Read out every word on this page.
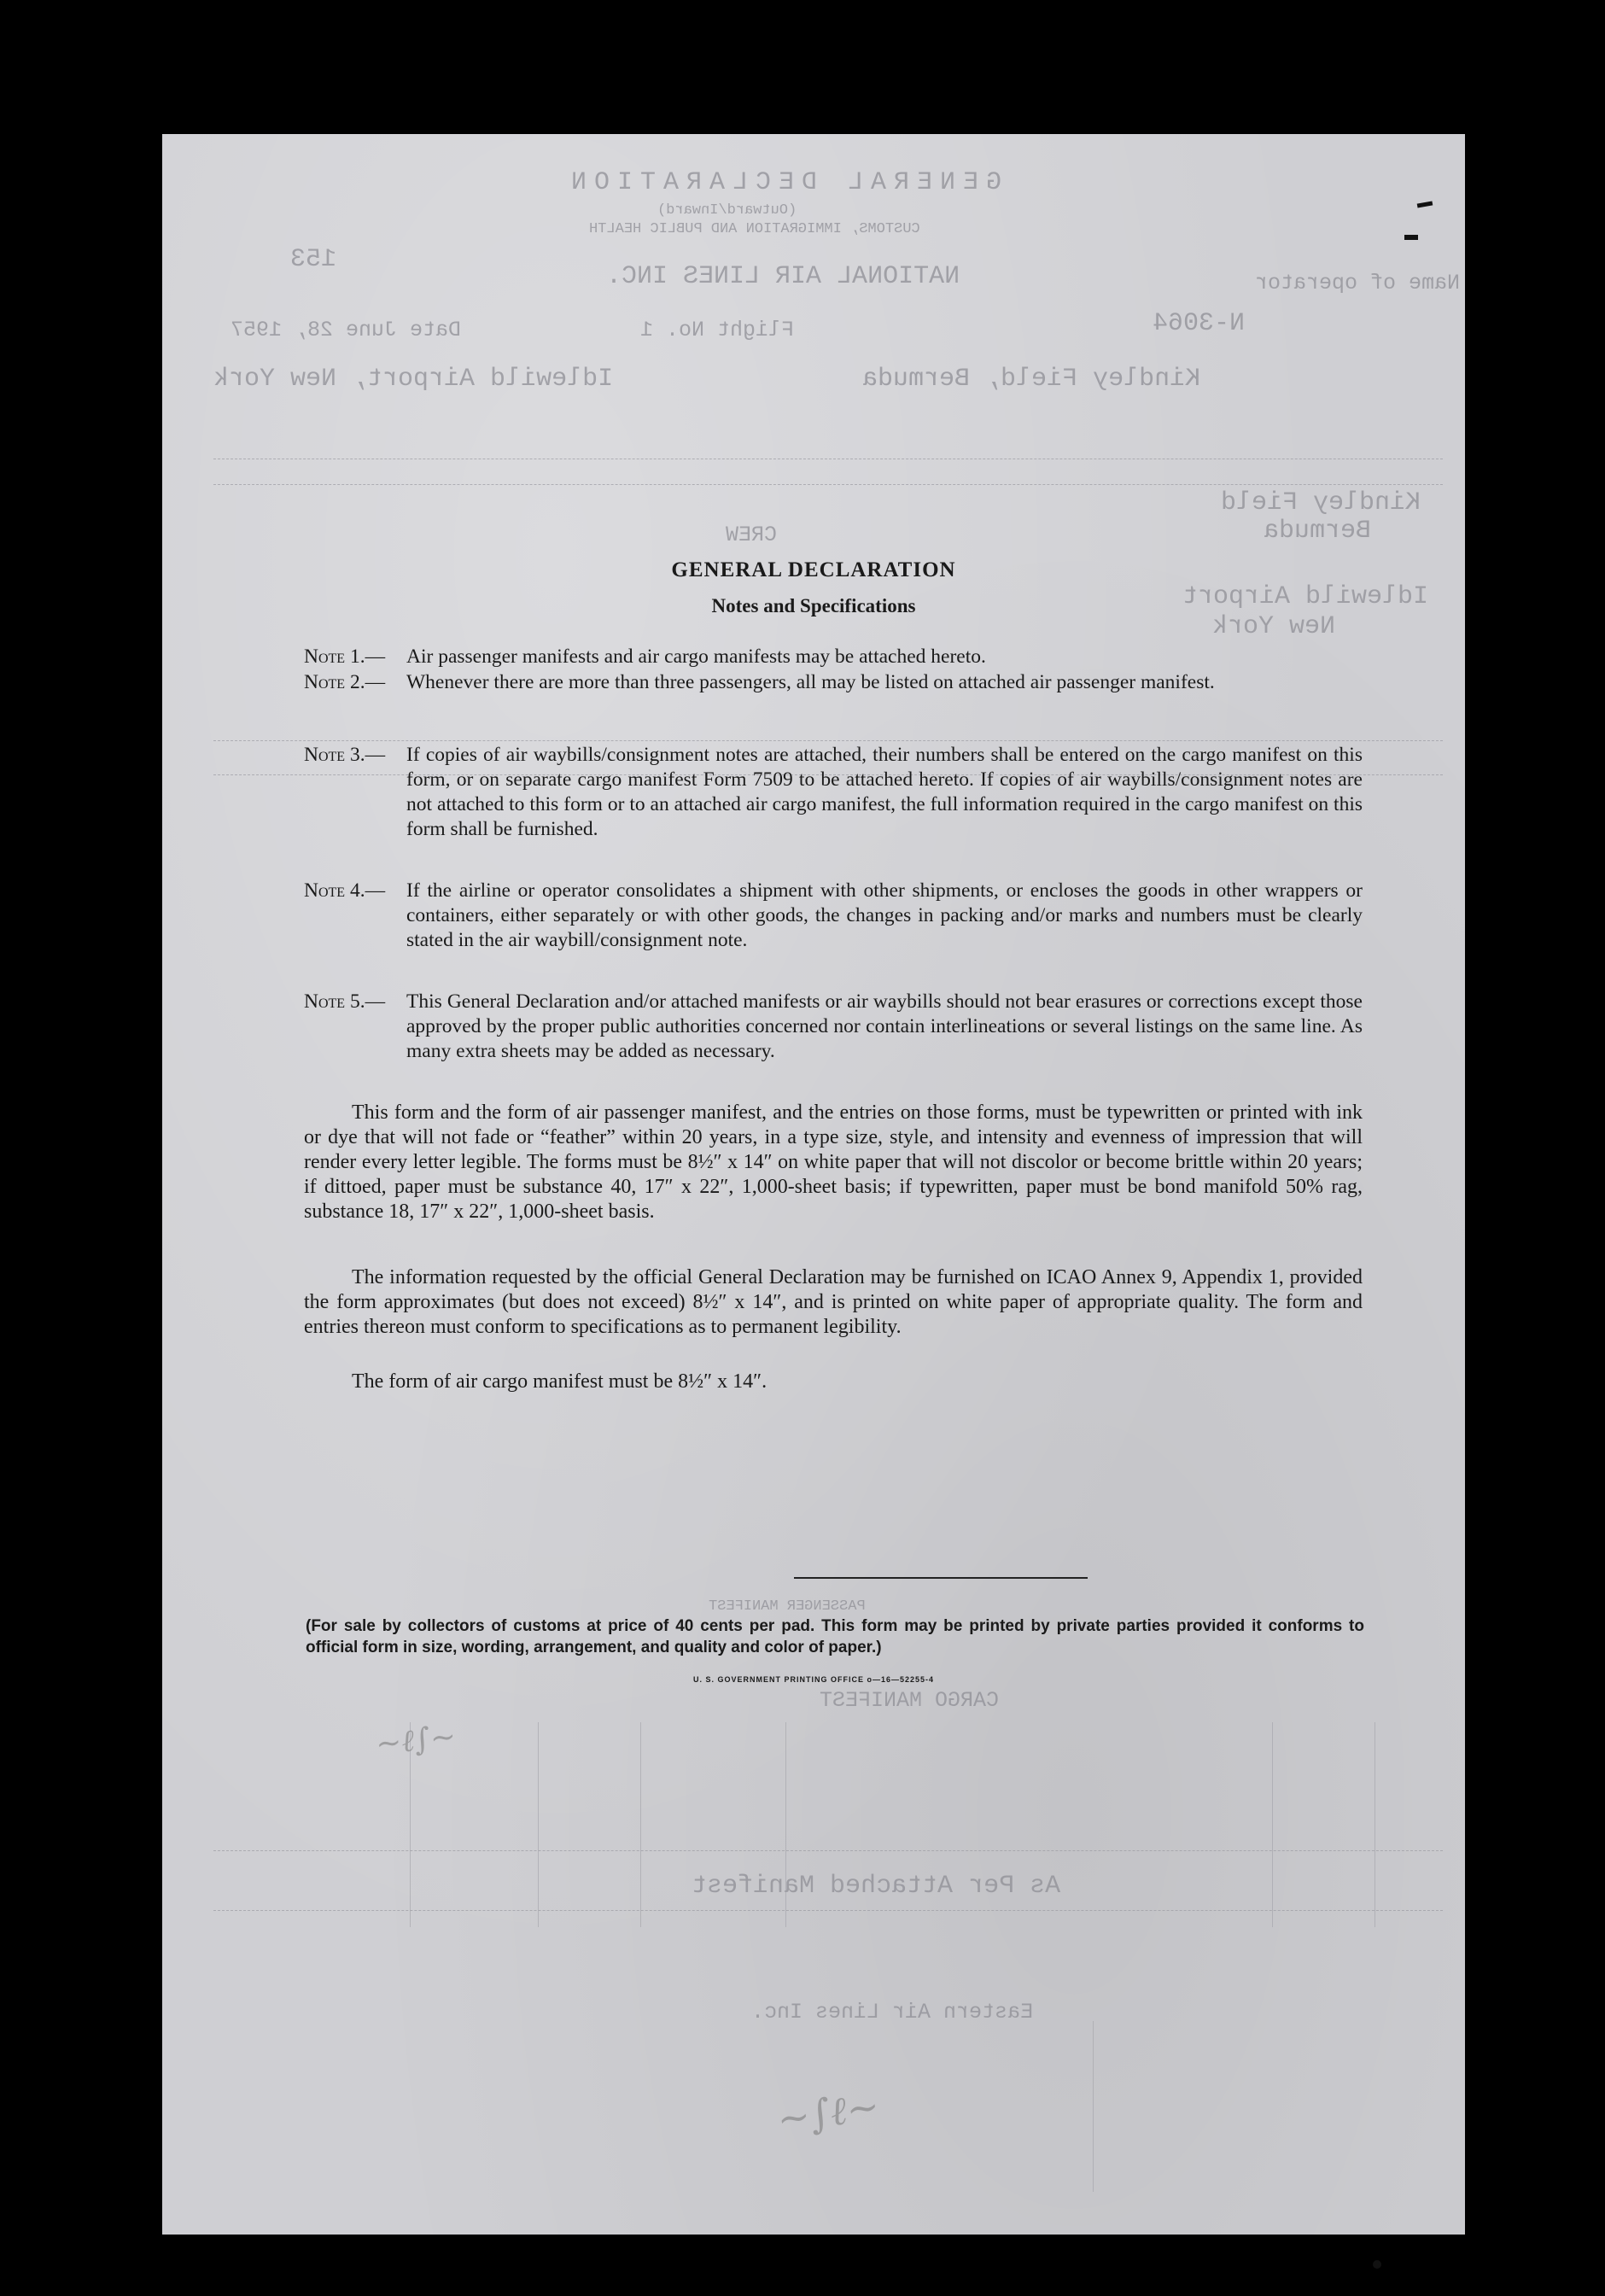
GENERAL DECLARATION
(Outward/Inward)
CUSTOMS, IMMIGRATION AND PUBLIC HEALTH
153
Name of operator
NATIONAL AIR LINES INC.
N-3064
Flight No. 1
Date June 28, 1957
Kindley Field, Bermuda
Idlewild Airport, New York
Kindley Field
Bermuda
CREW
Idlewild Airport
New York
PASSENGER MANIFEST
CARGO MANIFEST
As Per Attached Manifest
Eastern Air Lines Inc.
~∫ℓ~
~ℓ∫~
GENERAL DECLARATION
Notes and Specifications
Note 1.—	Air passenger manifests and air cargo manifests may be attached hereto.
Note 2.—	Whenever there are more than three passengers, all may be listed on attached air passenger manifest.
Note 3.—	If copies of air waybills/consignment notes are attached, their numbers shall be entered on the cargo manifest on this form, or on separate cargo manifest Form 7509 to be attached hereto. If copies of air waybills/consignment notes are not attached to this form or to an attached air cargo manifest, the full information required in the cargo manifest on this form shall be furnished.
Note 4.—	If the airline or operator consolidates a shipment with other shipments, or encloses the goods in other wrappers or containers, either separately or with other goods, the changes in packing and/or marks and numbers must be clearly stated in the air waybill/consignment note.
Note 5.—	This General Declaration and/or attached manifests or air waybills should not bear erasures or corrections except those approved by the proper public authorities concerned nor contain interlineations or several listings on the same line. As many extra sheets may be added as necessary.
This form and the form of air passenger manifest, and the entries on those forms, must be typewritten or printed with ink or dye that will not fade or “feather” within 20 years, in a type size, style, and intensity and evenness of impression that will render every letter legible. The forms must be 8½″ x 14″ on white paper that will not discolor or become brittle within 20 years; if dittoed, paper must be substance 40, 17″ x 22″, 1,000-sheet basis; if typewritten, paper must be bond manifold 50% rag, substance 18, 17″ x 22″, 1,000-sheet basis.
The information requested by the official General Declaration may be furnished on ICAO Annex 9, Appendix 1, provided the form approximates (but does not exceed) 8½″ x 14″, and is printed on white paper of appropriate quality. The form and entries thereon must conform to specifications as to permanent legibility.
The form of air cargo manifest must be 8½″ x 14″.
(For sale by collectors of customs at price of 40 cents per pad. This form may be printed by private parties provided it conforms to official form in size, wording, arrangement, and quality and color of paper.)
U. S. GOVERNMENT PRINTING OFFICE o—16—52255-4
